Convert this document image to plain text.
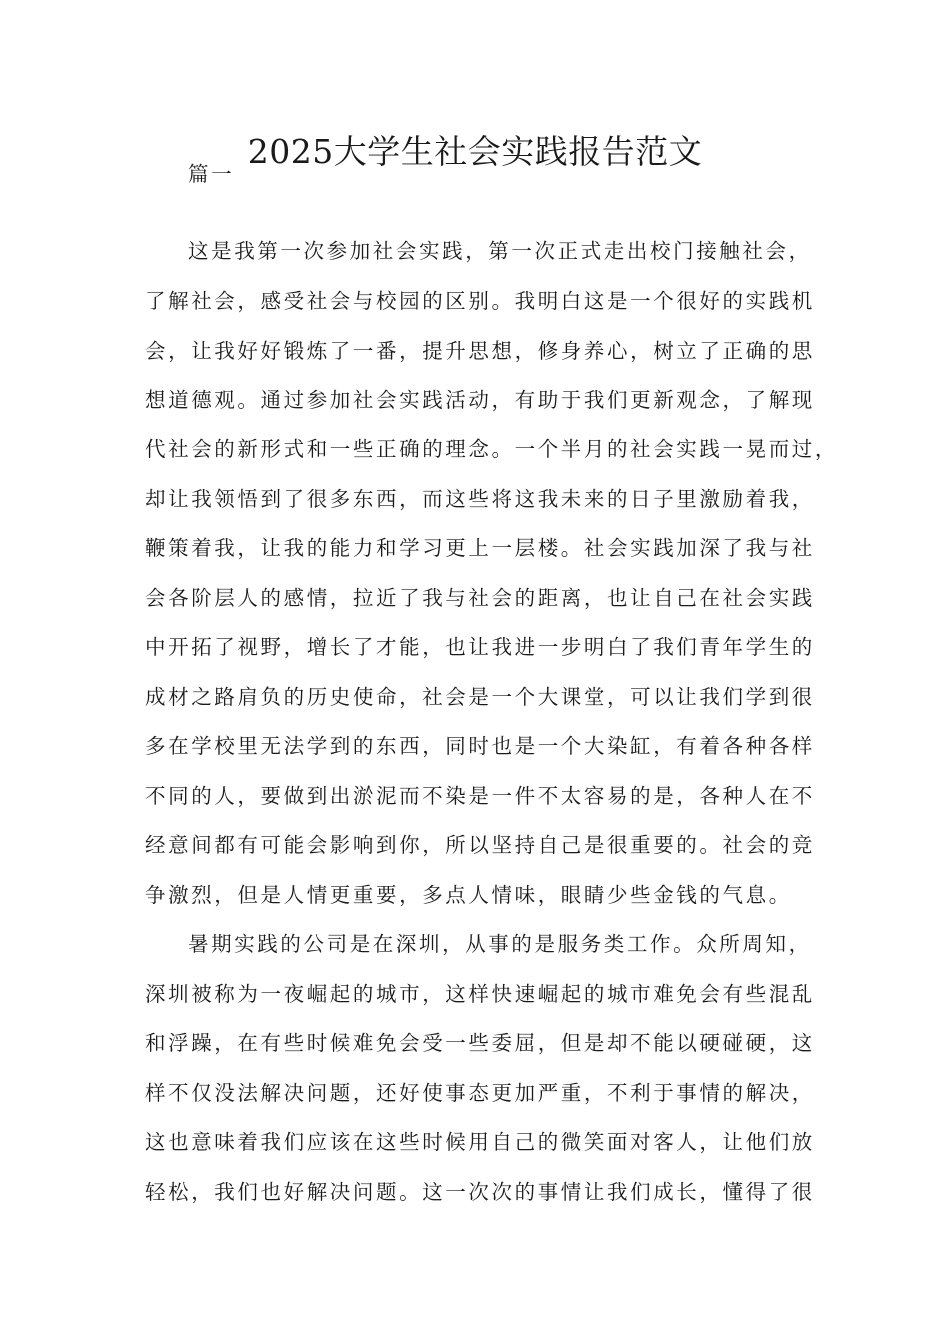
2025大学生社会实践报告范文

篇一

这是我第一次参加社会实践，第一次正式走出校门接触社会，

了解社会，感受社会与校园的区别。我明白这是一个很好的实践机

会，让我好好锻炼了一番，提升思想，修身养心，树立了正确的思

想道德观。通过参加社会实践活动，有助于我们更新观念，了解现

代社会的新形式和一些正确的理念。一个半月的社会实践一晃而过，

却让我领悟到了很多东西，而这些将这我未来的日子里激励着我，

鞭策着我，让我的能力和学习更上一层楼。社会实践加深了我与社

会各阶层人的感情，拉近了我与社会的距离，也让自己在社会实践

中开拓了视野，增长了才能，也让我进一步明白了我们青年学生的

成材之路肩负的历史使命，社会是一个大课堂，可以让我们学到很

多在学校里无法学到的东西，同时也是一个大染缸，有着各种各样

不同的人，要做到出淤泥而不染是一件不太容易的是，各种人在不

经意间都有可能会影响到你，所以坚持自己是很重要的。社会的竞

争激烈，但是人情更重要，多点人情味，眼睛少些金钱的气息。

暑期实践的公司是在深圳，从事的是服务类工作。众所周知，

深圳被称为一夜崛起的城市，这样快速崛起的城市难免会有些混乱

和浮躁，在有些时候难免会受一些委屈，但是却不能以硬碰硬，这

样不仅没法解决问题，还好使事态更加严重，不利于事情的解决，

这也意味着我们应该在这些时候用自己的微笑面对客人，让他们放

轻松，我们也好解决问题。这一次次的事情让我们成长，懂得了很
